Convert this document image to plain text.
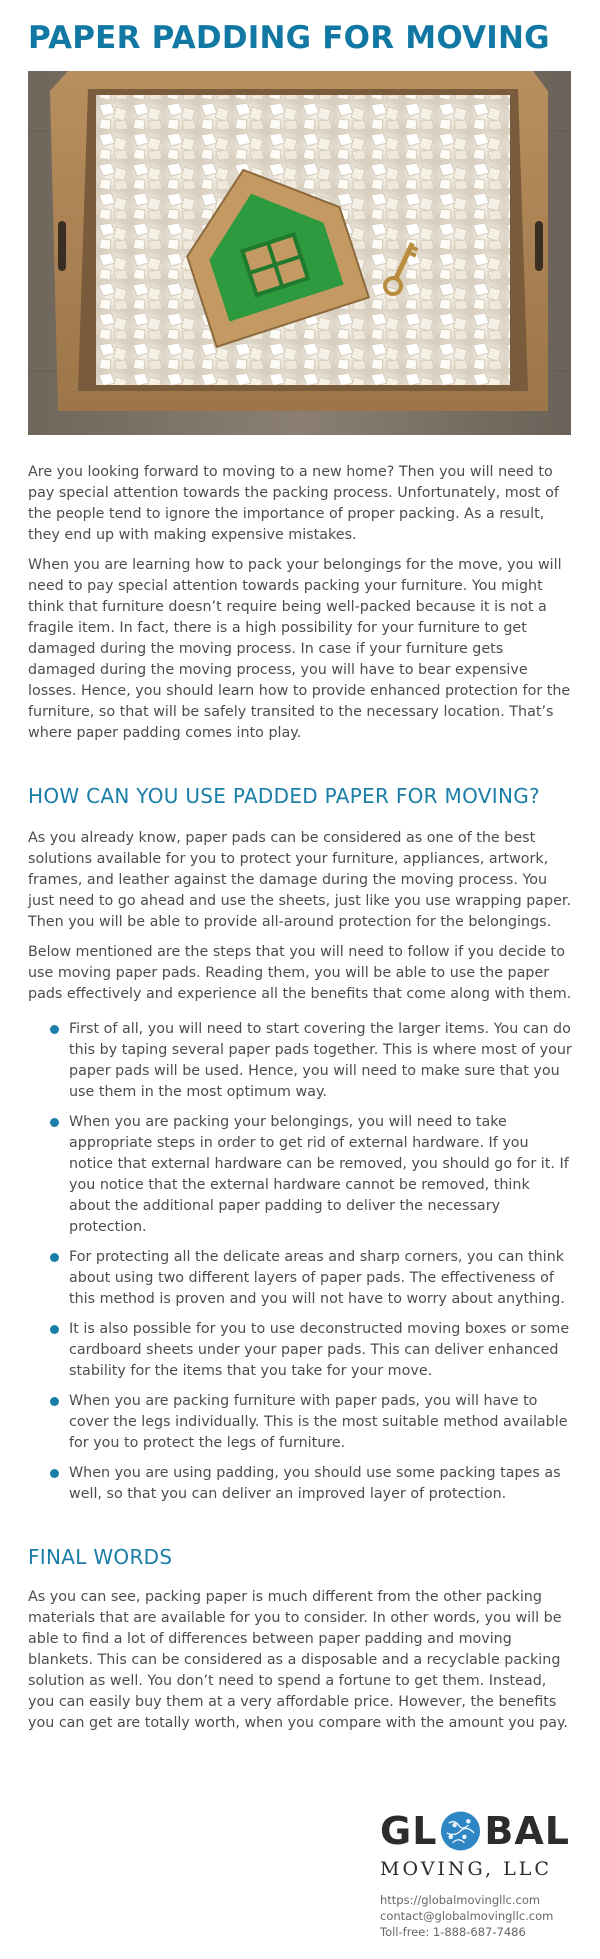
PAPER PADDING FOR MOVING

Are you looking forward to moving to a new home? Then you will need to pay special attention towards the packing process. Unfortunately, most of the people tend to ignore the importance of proper packing. As a result, they end up with making expensive mistakes.

When you are learning how to pack your belongings for the move, you will need to pay special attention towards packing your furniture. You might think that furniture doesn’t require being well-packed because it is not a fragile item. In fact, there is a high possibility for your furniture to get damaged during the moving process. In case if your furniture gets damaged during the moving process, you will have to bear expensive losses. Hence, you should learn how to provide enhanced protection for the furniture, so that will be safely transited to the necessary location. That’s where paper padding comes into play.

HOW CAN YOU USE PADDED PAPER FOR MOVING?

As you already know, paper pads can be considered as one of the best solutions available for you to protect your furniture, appliances, artwork, frames, and leather against the damage during the moving process. You just need to go ahead and use the sheets, just like you use wrapping paper. Then you will be able to provide all-around protection for the belongings.

Below mentioned are the steps that you will need to follow if you decide to use moving paper pads. Reading them, you will be able to use the paper pads effectively and experience all the benefits that come along with them.

First of all, you will need to start covering the larger items. You can do this by taping several paper pads together. This is where most of your paper pads will be used. Hence, you will need to make sure that you use them in the most optimum way.
When you are packing your belongings, you will need to take appropriate steps in order to get rid of external hardware. If you notice that external hardware can be removed, you should go for it. If you notice that the external hardware cannot be removed, think about the additional paper padding to deliver the necessary protection.
For protecting all the delicate areas and sharp corners, you can think about using two different layers of paper pads. The effectiveness of this method is proven and you will not have to worry about anything.
It is also possible for you to use deconstructed moving boxes or some cardboard sheets under your paper pads. This can deliver enhanced stability for the items that you take for your move.
When you are packing furniture with paper pads, you will have to cover the legs individually. This is the most suitable method available for you to protect the legs of furniture.
When you are using padding, you should use some packing tapes as well, so that you can deliver an improved layer of protection.
FINAL WORDS

As you can see, packing paper is much different from the other packing materials that are available for you to consider. In other words, you will be able to find a lot of differences between paper padding and moving blankets. This can be considered as a disposable and a recyclable packing solution as well. You don’t need to spend a fortune to get them. Instead, you can easily buy them at a very affordable price. However, the benefits you can get are totally worth, when you compare with the amount you pay.

GL BAL
MOVING, LLC
https://globalmovingllc.com
contact@globalmovingllc.com
Toll-free: 1-888-687-7486
